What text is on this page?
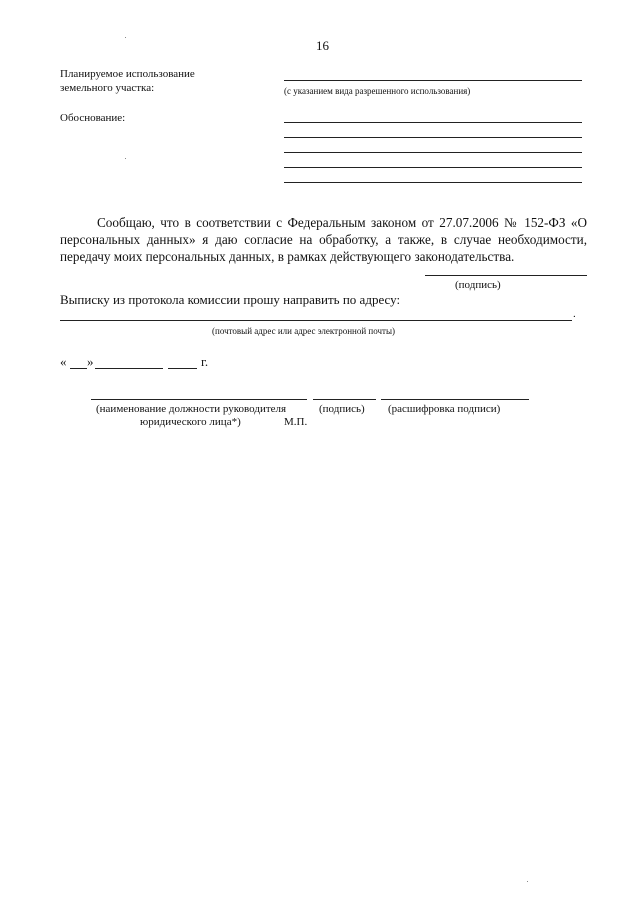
16
Планируемое использование
земельного участка:	(с указанием вида разрешенного использования)
Обоснование:
Сообщаю, что в соответствии с Федеральным законом от 27.07.2006 № 152-ФЗ «О персональных данных» я даю согласие на обработку, а также, в случае необходимости, передачу моих персональных данных, в рамках действующего законодательства.
(подпись)
Выписку из протокола комиссии прошу направить по адресу:
.
(почтовый адрес или адрес электронной почты)
« »	г.
(наименование должности руководителя
юридического лица*)
(подпись) (расшифровка подписи)
М.П.
